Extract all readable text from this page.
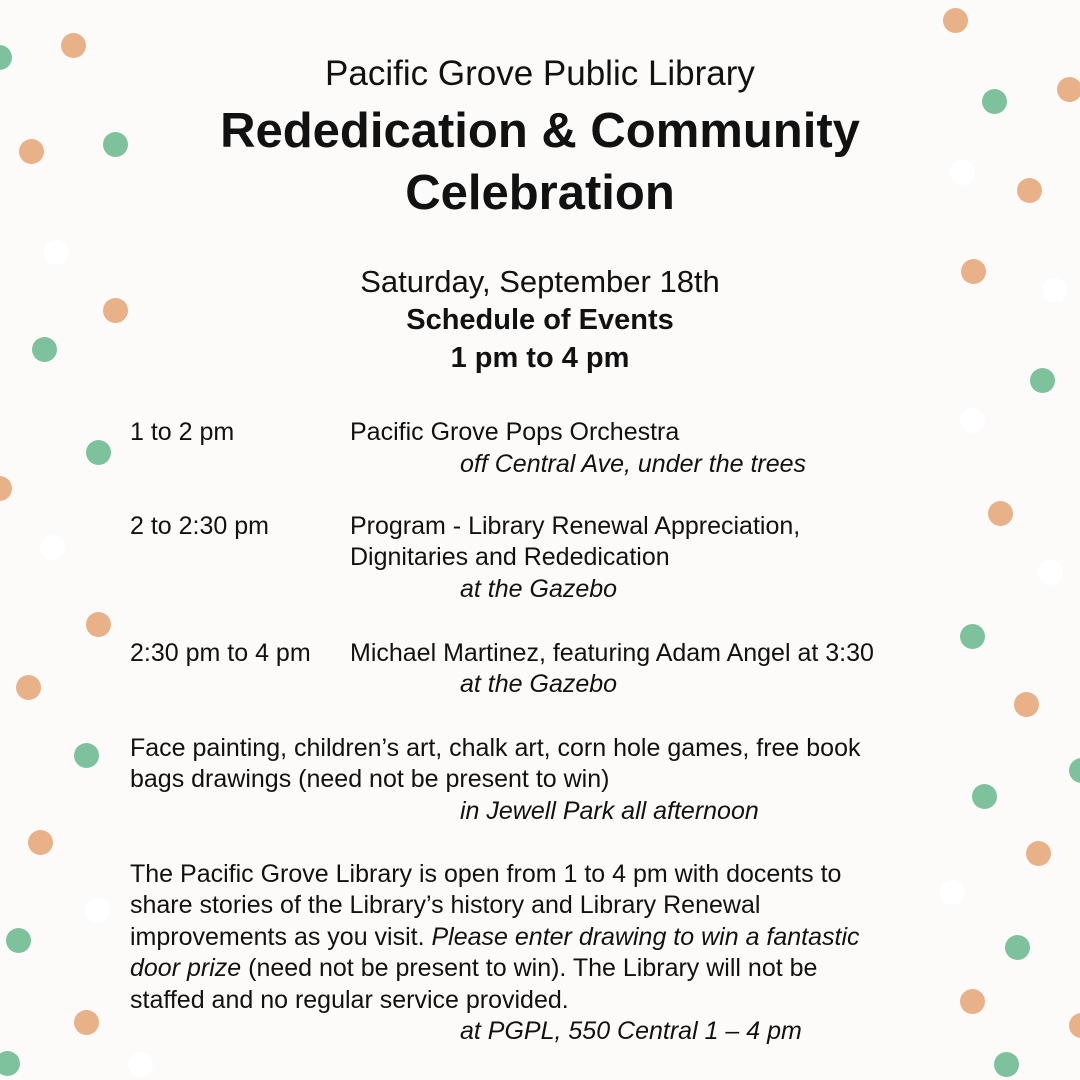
Pacific Grove Public Library

Rededication & Community
Celebration

Saturday, September 18th

Schedule of Events

1 pm to 4 pm

1 to 2 pm	Pacific Grove Pops Orchestra

off Central Ave, under the trees

2 to 2:30 pm	Program - Library Renewal Appreciation,

Dignitaries and Rededication

at the Gazebo

2:30 pm to 4 pm Michael Martinez, featuring Adam Angel at 3:30

at the Gazebo

Face painting, children’s art, chalk art, corn hole games, free book

bags drawings (need not be present to win)

in Jewell Park all afternoon

The Pacific Grove Library is open from 1 to 4 pm with docents to

share stories of the Library’s history and Library Renewal

improvements as you visit. Please enter drawing to win a fantastic

door prize (need not be present to win). The Library will not be

staffed and no regular service provided.

at PGPL, 550 Central 1 – 4 pm
